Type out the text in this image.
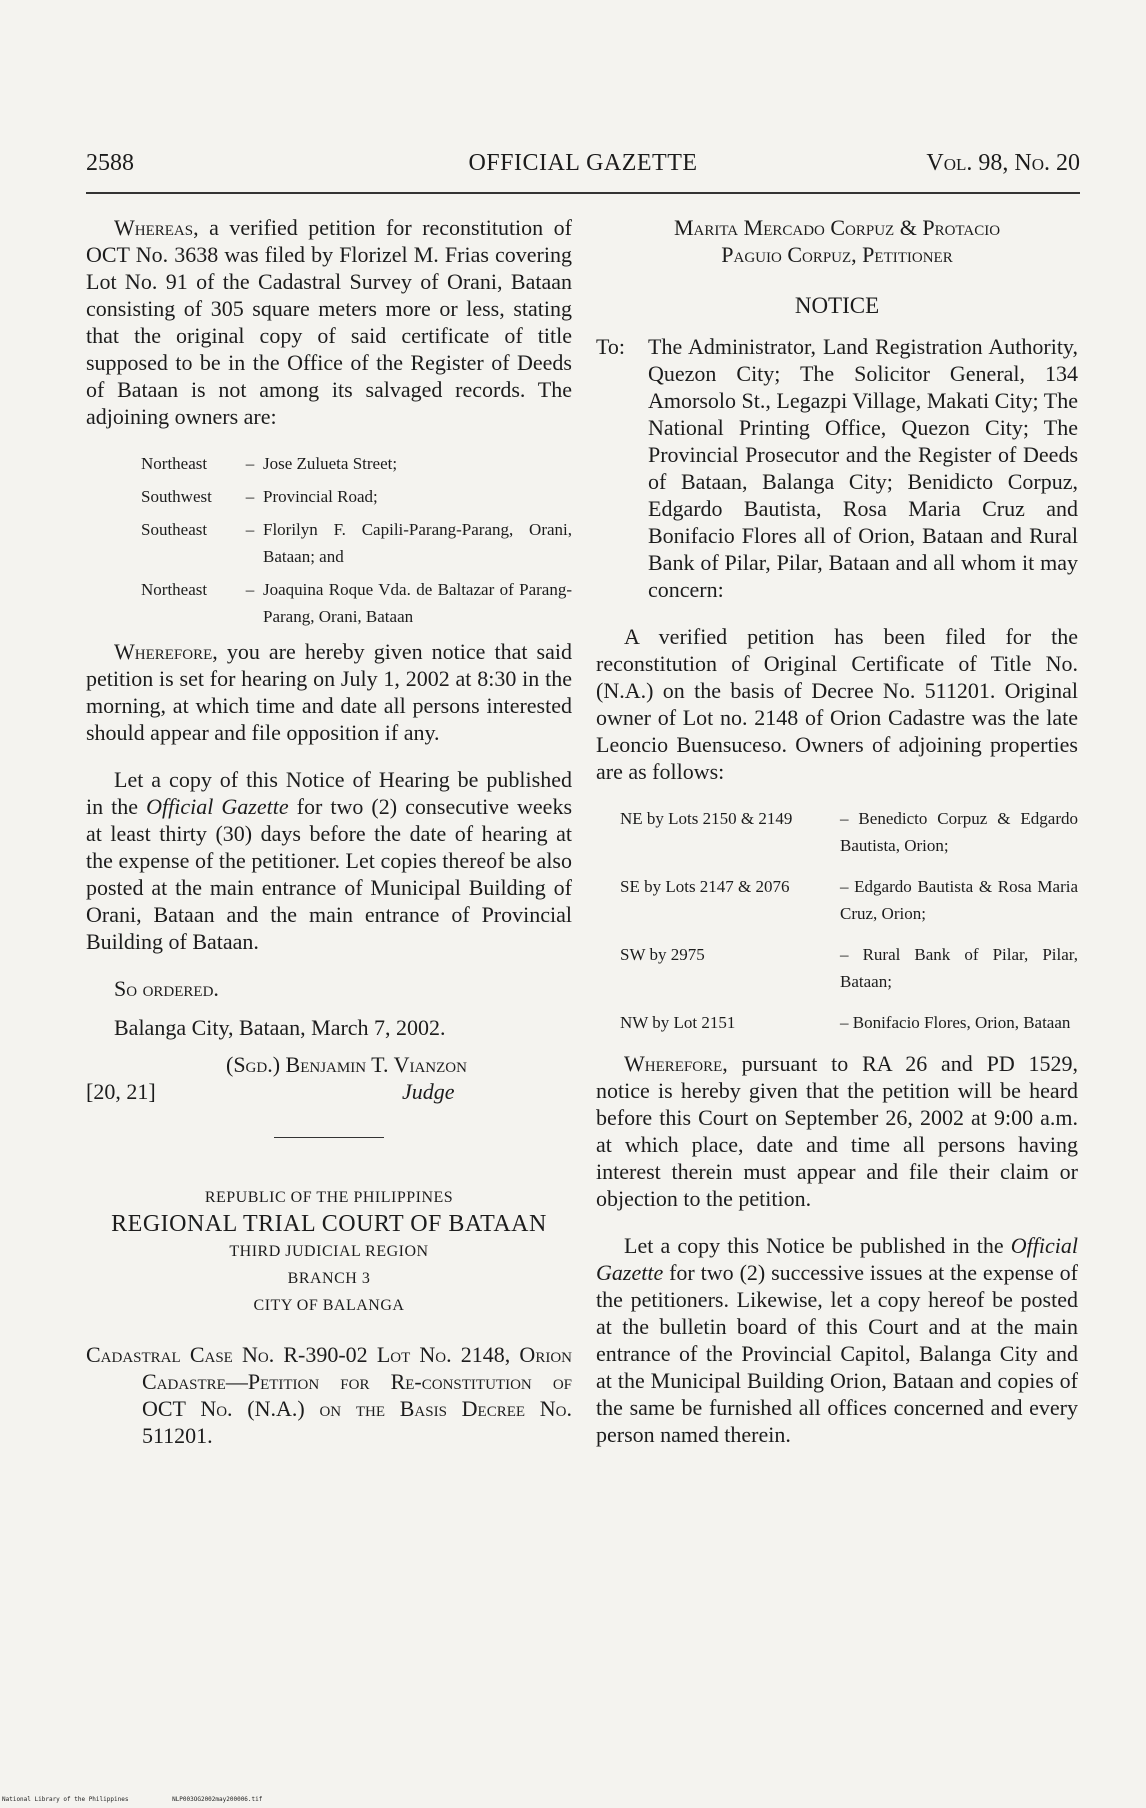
2588	OFFICIAL GAZETTE	Vol. 98, No. 20

Whereas, a verified petition for reconstitution of OCT No. 3638 was filed by Florizel M. Frias covering Lot No. 91 of the Cadastral Survey of Orani, Bataan consisting of 305 square meters more or less, stating that the original copy of said certificate of title supposed to be in the Office of the Register of Deeds of Bataan is not among its salvaged records. The adjoining owners are:

Northeast	– Jose Zulueta Street;
Southwest	– Provincial Road;
Southeast	– Florilyn F. Capili-Parang-Parang, Orani, Bataan; and
Northeast	– Joaquina Roque Vda. de Baltazar of Parang-Parang, Orani, Bataan

Wherefore, you are hereby given notice that said petition is set for hearing on July 1, 2002 at 8:30 in the morning, at which time and date all persons interested should appear and file opposition if any.

Let a copy of this Notice of Hearing be published in the Official Gazette for two (2) consecutive weeks at least thirty (30) days before the date of hearing at the expense of the petitioner. Let copies thereof be also posted at the main entrance of Municipal Building of Orani, Bataan and the main entrance of Provincial Building of Bataan.

So ordered.

Balanga City, Bataan, March 7, 2002.

(Sgd.) Benjamin T. Vianzon
[20, 21]	Judge
REPUBLIC OF THE PHILIPPINES
REGIONAL TRIAL COURT OF BATAAN
THIRD JUDICIAL REGION
BRANCH 3
CITY OF BALANGA

Cadastral Case No. R-390-02 Lot No. 2148, Orion Cadastre—Petition for Re-constitution of OCT No. (N.A.) on the Basis Decree No. 511201.

Marita Mercado Corpuz & Protacio

Paguio Corpuz, Petitioner

NOTICE
To:	The Administrator, Land Registration Authority, Quezon City; The Solicitor General, 134 Amorsolo St., Legazpi Village, Makati City; The National Printing Office, Quezon City; The Provincial Prosecutor and the Register of Deeds of Bataan, Balanga City; Benidicto Corpuz, Edgardo Bautista, Rosa Maria Cruz and Bonifacio Flores all of Orion, Bataan and Rural Bank of Pilar, Pilar, Bataan and all whom it may concern:

A verified petition has been filed for the reconstitution of Original Certificate of Title No. (N.A.) on the basis of Decree No. 511201. Original owner of Lot no. 2148 of Orion Cadastre was the late Leoncio Buensuceso. Owners of adjoining properties are as follows:

NE by Lots 2150 & 2149	– Benedicto Corpuz & Edgardo Bautista, Orion;
SE by Lots 2147 & 2076	– Edgardo Bautista & Rosa Maria Cruz, Orion;
SW by 2975	– Rural Bank of Pilar, Pilar, Bataan;
NW by Lot 2151	– Bonifacio Flores, Orion, Bataan

Wherefore, pursuant to RA 26 and PD 1529, notice is hereby given that the petition will be heard before this Court on September 26, 2002 at 9:00 a.m. at which place, date and time all persons having interest therein must appear and file their claim or objection to the petition.

Let a copy this Notice be published in the Official Gazette for two (2) successive issues at the expense of the petitioners. Likewise, let a copy hereof be posted at the bulletin board of this Court and at the main entrance of the Provincial Capitol, Balanga City and at the Municipal Building Orion, Bataan and copies of the same be furnished all offices concerned and every person named therein.

National Library of the Philippines	NLP003OG2002may200006.tif
